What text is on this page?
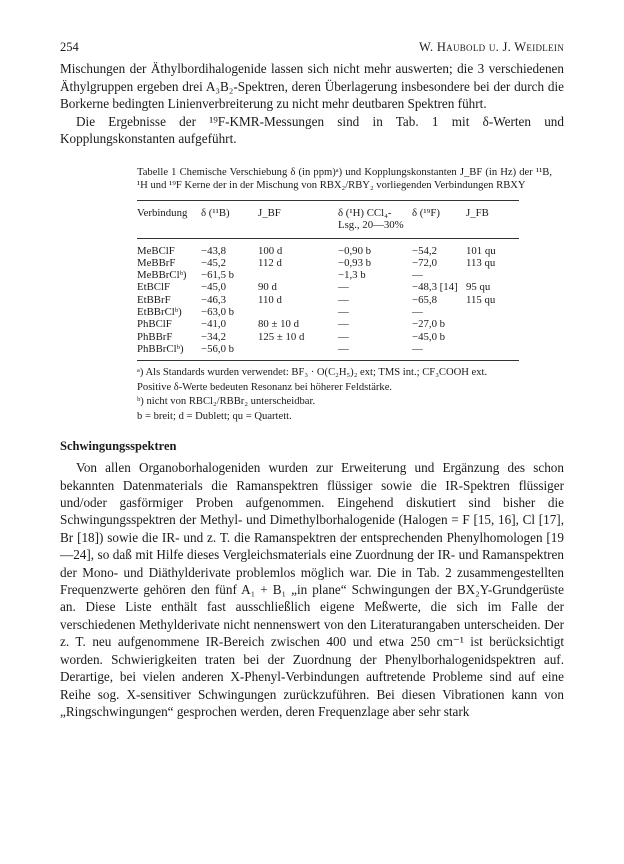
254	W. Haubold u. J. Weidlein

Mischungen der Äthylbordihalogenide lassen sich nicht mehr auswerten; die 3 verschiedenen Äthylgruppen ergeben drei A₃B₂-Spektren, deren Überlagerung insbesondere bei der durch die Borkerne bedingten Linienverbreiterung zu nicht mehr deutbaren Spektren führt.

Die Ergebnisse der ¹⁹F-KMR-Messungen sind in Tab. 1 mit δ-Werten und Kopplungskonstanten aufgeführt.

Tabelle 1 Chemische Verschiebung δ (in ppm)ᵃ) und Kopplungskonstanten J_BF (in Hz) der ¹¹B, ¹H und ¹⁹F Kerne der in der Mischung von RBX₂/RBY₂ vorliegenden Verbindungen RBXY
Verbindung	δ (¹¹B)	J_BF	δ (¹H) CCl₄-Lsg., 20—30%	δ (¹⁹F)	J_FB
MeBClF	−43,8	100 d	−0,90 b	−54,2	101 qu
MeBBrF	−45,2	112 d	−0,93 b	−72,0	113 qu
MeBBrClᵇ)	−61,5 b		−1,3 b	—	
EtBClF	−45,0	90 d	—	−48,3 [14]	95 qu
EtBBrF	−46,3	110 d	—	−65,8	115 qu
EtBBrClᵇ)	−63,0 b		—	—	
PhBClF	−41,0	80 ± 10 d	—	−27,0 b	
PhBBrF	−34,2	125 ± 10 d	—	−45,0 b	
PhBBrClᵇ)	−56,0 b		—	—	
ᵃ) Als Standards wurden verwendet: BF₃ · O(C₂H₅)₂ ext; TMS int.; CF₃COOH ext.
Positive δ-Werte bedeuten Resonanz bei höherer Feldstärke.
ᵇ) nicht von RBCl₂/RBBr₂ unterscheidbar.
b = breit; d = Dublett; qu = Quartett.
Schwingungsspektren

Von allen Organoborhalogeniden wurden zur Erweiterung und Ergänzung des schon bekannten Datenmaterials die Ramanspektren flüssiger sowie die IR-Spektren flüssiger und/oder gasförmiger Proben aufgenommen. Eingehend diskutiert sind bisher die Schwingungsspektren der Methyl- und Dimethylborhalogenide (Halogen = F [15, 16], Cl [17], Br [18]) sowie die IR- und z. T. die Ramanspektren der entsprechenden Phenylhomologen [19—24], so daß mit Hilfe dieses Vergleichsmaterials eine Zuordnung der IR- und Ramanspektren der Mono- und Diäthylderivate problemlos möglich war. Die in Tab. 2 zusammengestellten Frequenzwerte gehören den fünf A₁ + B₁ „in plane“ Schwingungen der BX₂Y-Grundgerüste an. Diese Liste enthält fast ausschließlich eigene Meßwerte, die sich im Falle der verschiedenen Methylderivate nicht nennenswert von den Literaturangaben unterscheiden. Der z. T. neu aufgenommene IR-Bereich zwischen 400 und etwa 250 cm⁻¹ ist berücksichtigt worden. Schwierigkeiten traten bei der Zuordnung der Phenylborhalogenidspektren auf. Derartige, bei vielen anderen X-Phenyl-Verbindungen auftretende Probleme sind auf eine Reihe sog. X-sensitiver Schwingungen zurückzuführen. Bei diesen Vibrationen kann von „Ringschwingungen“ gesprochen werden, deren Frequenzlage aber sehr stark
